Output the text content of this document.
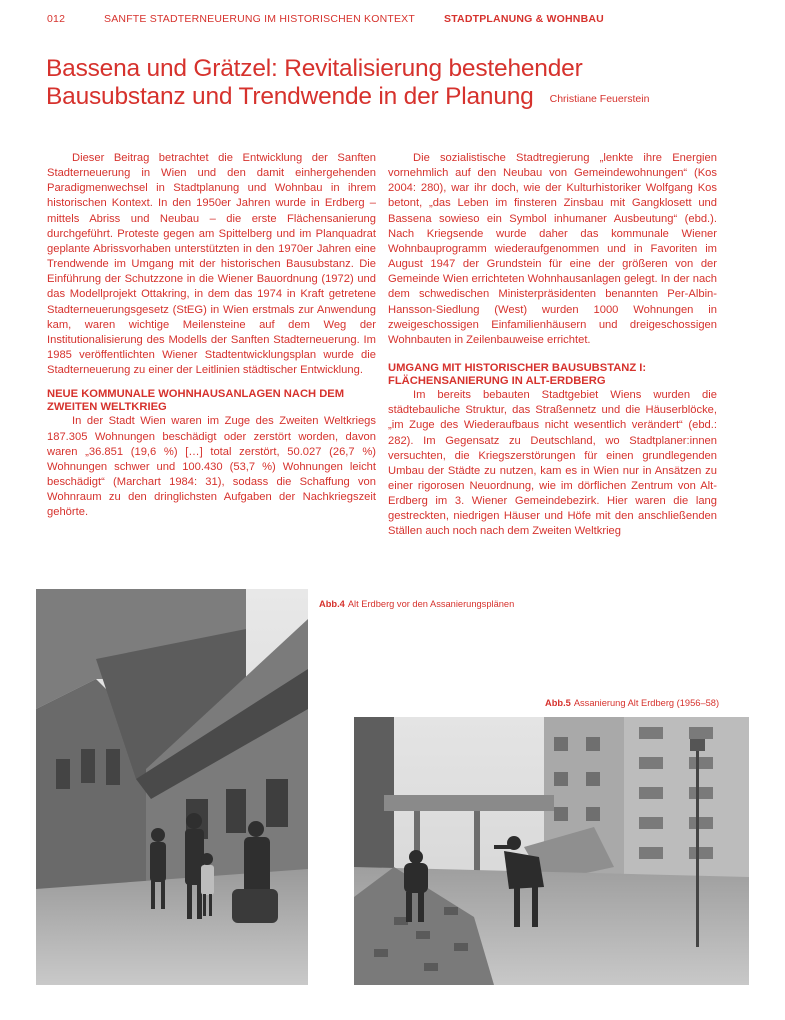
012	SANFTE STADTERNEUERUNG IM HISTORISCHEN KONTEXT	STADTPLANUNG & WOHNBAU
Bassena und Grätzel: Revitalisierung bestehender
Bausubstanz und Trendwende in der Planung Christiane Feuerstein

Dieser Beitrag betrachtet die Entwicklung der Sanften Stadterneuerung in Wien und den damit einhergehenden Paradigmenwechsel in Stadtplanung und Wohnbau in ihrem historischen Kontext. In den 1950er Jahren wurde in Erdberg – mittels Abriss und Neubau – die erste Flächensanierung durchgeführt. Proteste gegen am Spittelberg und im Planquadrat geplante Abrissvorhaben unterstützten in den 1970er Jahren eine Trendwende im Umgang mit der historischen Bausubstanz. Die Einführung der Schutzzone in die Wiener Bauordnung (1972) und das Modellprojekt Ottakring, in dem das 1974 in Kraft getretene Stadterneuerungsgesetz (StEG) in Wien erstmals zur Anwendung kam, waren wichtige Meilensteine auf dem Weg der Institutionalisierung des Modells der Sanften Stadterneuerung. Im 1985 veröffentlichten Wiener Stadtentwicklungsplan wurde die Stadterneuerung zu einer der Leitlinien städtischer Entwicklung.

NEUE KOMMUNALE WOHNHAUSANLAGEN NACH DEM ZWEITEN WELTKRIEG

In der Stadt Wien waren im Zuge des Zweiten Weltkriegs 187.305 Wohnungen beschädigt oder zerstört worden, davon waren „36.851 (19,6 %) […] total zerstört, 50.027 (26,7 %) Wohnungen schwer und 100.430 (53,7 %) Wohnungen leicht beschädigt“ (Marchart 1984: 31), sodass die Schaffung von Wohnraum zu den dringlichsten Aufgaben der Nachkriegszeit gehörte.

Die sozialistische Stadtregierung „lenkte ihre Energien vornehmlich auf den Neubau von Gemeindewohnungen“ (Kos 2004: 280), war ihr doch, wie der Kulturhistoriker Wolfgang Kos betont, „das Leben im finsteren Zinsbau mit Gangklosett und Bassena sowieso ein Symbol inhumaner Ausbeutung“ (ebd.). Nach Kriegsende wurde daher das kommunale Wiener Wohnbauprogramm wiederaufgenommen und in Favoriten im August 1947 der Grundstein für eine der größeren von der Gemeinde Wien errichteten Wohnhausanlagen gelegt. In der nach dem schwedischen Ministerpräsidenten benannten Per-Albin-Hansson-Siedlung (West) wurden 1000 Wohnungen in zweigeschossigen Einfamilienhäusern und dreigeschossigen Wohnbauten in Zeilenbauweise errichtet.

UMGANG MIT HISTORISCHER BAUSUBSTANZ I: FLÄCHENSANIERUNG IN ALT-ERDBERG

Im bereits bebauten Stadtgebiet Wiens wurden die städtebauliche Struktur, das Straßennetz und die Häuserblöcke, „im Zuge des Wiederaufbaus nicht wesentlich verändert“ (ebd.: 282). Im Gegensatz zu Deutschland, wo Stadtplaner:innen versuchten, die Kriegszerstörungen für einen grundlegenden Umbau der Städte zu nutzen, kam es in Wien nur in Ansätzen zu einer rigorosen Neuordnung, wie im dörflichen Zentrum von Alt-Erdberg im 3. Wiener Gemeindebezirk. Hier waren die lang gestreckten, niedrigen Häuser und Höfe mit den anschließenden Ställen auch noch nach dem Zweiten Weltkrieg

Abb.4 Alt Erdberg vor den Assanierungsplänen
Abb.5 Assanierung Alt Erdberg (1956–58)
